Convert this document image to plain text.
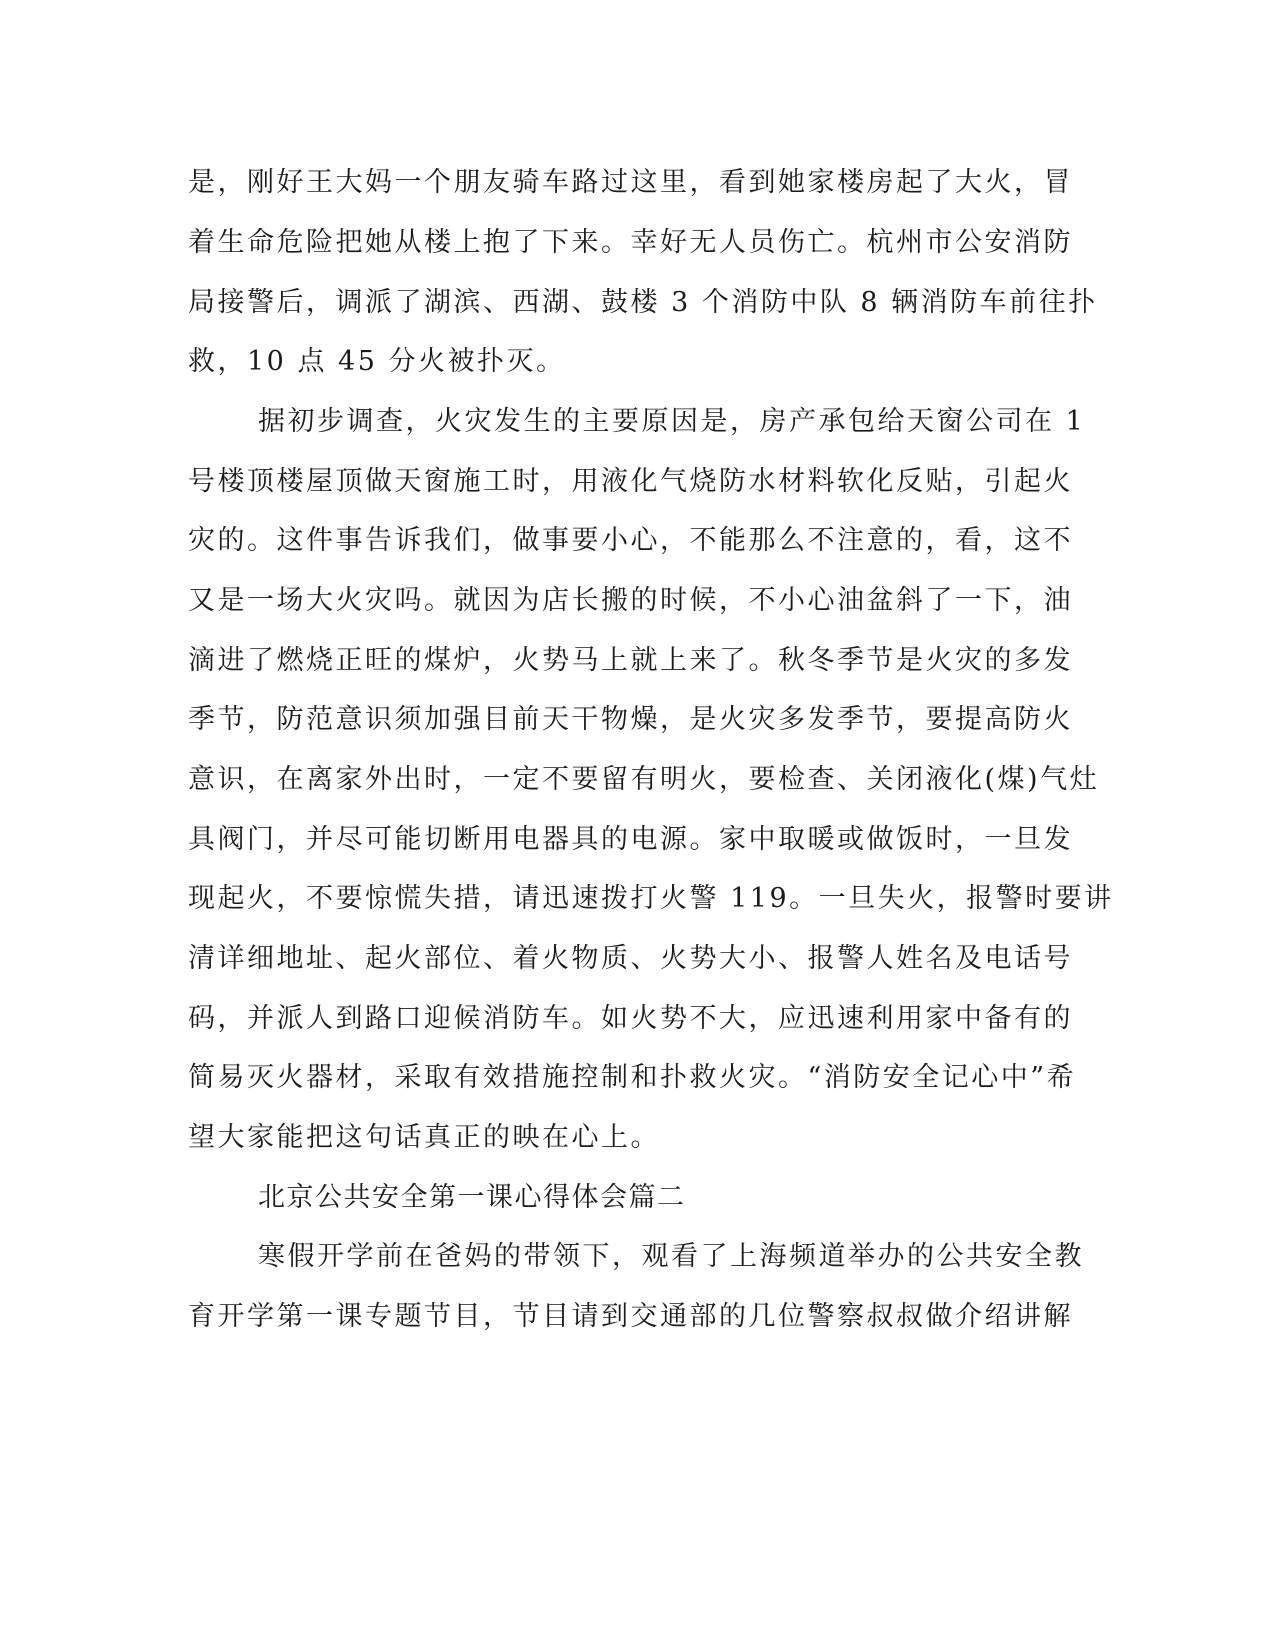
是，刚好王大妈一个朋友骑车路过这里，看到她家楼房起了大火，冒
着生命危险把她从楼上抱了下来。幸好无人员伤亡。杭州市公安消防
局接警后，调派了湖滨、西湖、鼓楼 3 个消防中队 8 辆消防车前往扑
救，10 点 45 分火被扑灭。
据初步调查，火灾发生的主要原因是，房产承包给天窗公司在 1
号楼顶楼屋顶做天窗施工时，用液化气烧防水材料软化反贴，引起火
灾的。这件事告诉我们，做事要小心，不能那么不注意的，看，这不
又是一场大火灾吗。就因为店长搬的时候，不小心油盆斜了一下，油
滴进了燃烧正旺的煤炉，火势马上就上来了。秋冬季节是火灾的多发
季节，防范意识须加强目前天干物燥，是火灾多发季节，要提高防火
意识，在离家外出时，一定不要留有明火，要检查、关闭液化(煤)气灶
具阀门，并尽可能切断用电器具的电源。家中取暖或做饭时，一旦发
现起火，不要惊慌失措，请迅速拨打火警 119。一旦失火，报警时要讲
清详细地址、起火部位、着火物质、火势大小、报警人姓名及电话号
码，并派人到路口迎候消防车。如火势不大，应迅速利用家中备有的
简易灭火器材，采取有效措施控制和扑救火灾。“消防安全记心中”希
望大家能把这句话真正的映在心上。
北京公共安全第一课心得体会篇二
寒假开学前在爸妈的带领下，观看了上海频道举办的公共安全教
育开学第一课专题节目，节目请到交通部的几位警察叔叔做介绍讲解
